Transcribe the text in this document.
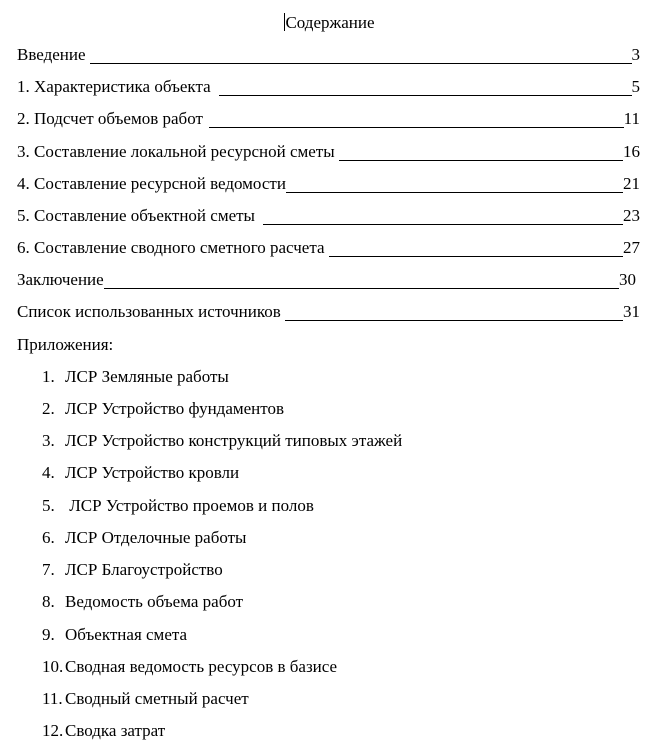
Содержание
Введение	3
1. Характеристика объекта	5
2. Подсчет объемов работ	11
3. Составление локальной ресурсной сметы	16
4. Составление ресурсной ведомости	21
5. Составление объектной сметы	23
6. Составление сводного сметного расчета	27
Заключение	30
Список использованных источников	31
Приложения:
1. ЛСР Земляные работы
2. ЛСР Устройство фундаментов
3. ЛСР Устройство конструкций типовых этажей
4. ЛСР Устройство кровли
5. ЛСР Устройство проемов и полов
6. ЛСР Отделочные работы
7. ЛСР Благоустройство
8. Ведомость объема работ
9. Объектная смета
10. Сводная ведомость ресурсов в базисе
11. Сводный сметный расчет
12. Сводка затрат
